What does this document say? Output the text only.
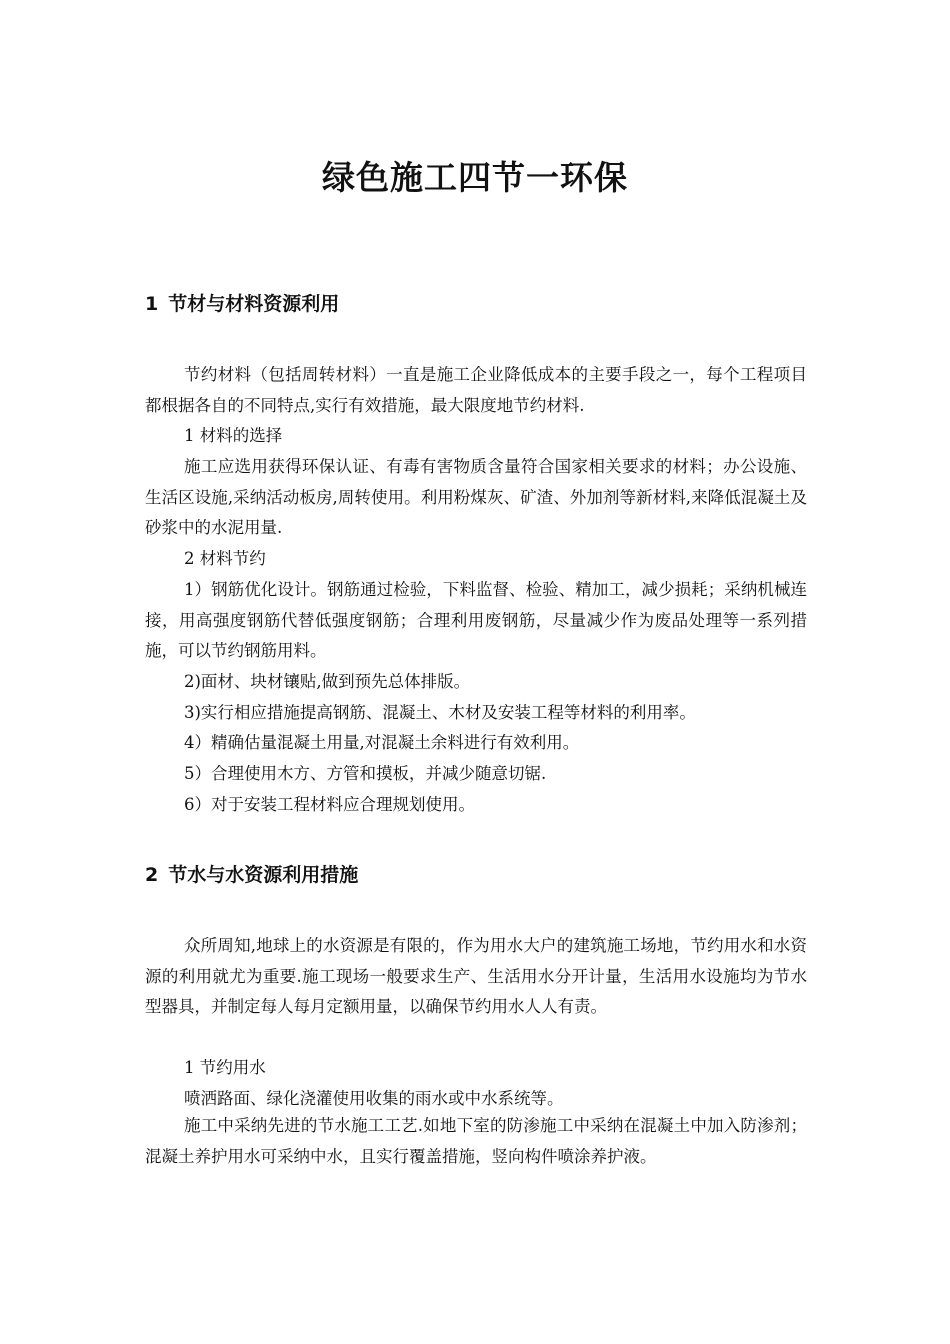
绿色施工四节一环保
1 节材与材料资源利用

节约材料（包括周转材料）一直是施工企业降低成本的主要手段之一，每个工程项目都根据各自的不同特点,实行有效措施，最大限度地节约材料.

1 材料的选择

施工应选用获得环保认证、有毒有害物质含量符合国家相关要求的材料；办公设施、生活区设施,采纳活动板房,周转使用。利用粉煤灰、矿渣、外加剂等新材料,来降低混凝土及砂浆中的水泥用量.

2 材料节约

1）钢筋优化设计。钢筋通过检验，下料监督、检验、精加工，减少损耗；采纳机械连接，用高强度钢筋代替低强度钢筋；合理利用废钢筋，尽量减少作为废品处理等一系列措施，可以节约钢筋用料。

2)面材、块材镶贴,做到预先总体排版。

3)实行相应措施提高钢筋、混凝土、木材及安装工程等材料的利用率。

4）精确估量混凝土用量,对混凝土余料进行有效利用。

5）合理使用木方、方管和摸板，并减少随意切锯.

6）对于安装工程材料应合理规划使用。

2 节水与水资源利用措施

众所周知,地球上的水资源是有限的，作为用水大户的建筑施工场地，节约用水和水资源的利用就尤为重要.施工现场一般要求生产、生活用水分开计量，生活用水设施均为节水型器具，并制定每人每月定额用量，以确保节约用水人人有责。

1 节约用水

喷洒路面、绿化浇灌使用收集的雨水或中水系统等。

施工中采纳先进的节水施工工艺.如地下室的防渗施工中采纳在混凝土中加入防渗剂；混凝土养护用水可采纳中水，且实行覆盖措施，竖向构件喷涂养护液。
